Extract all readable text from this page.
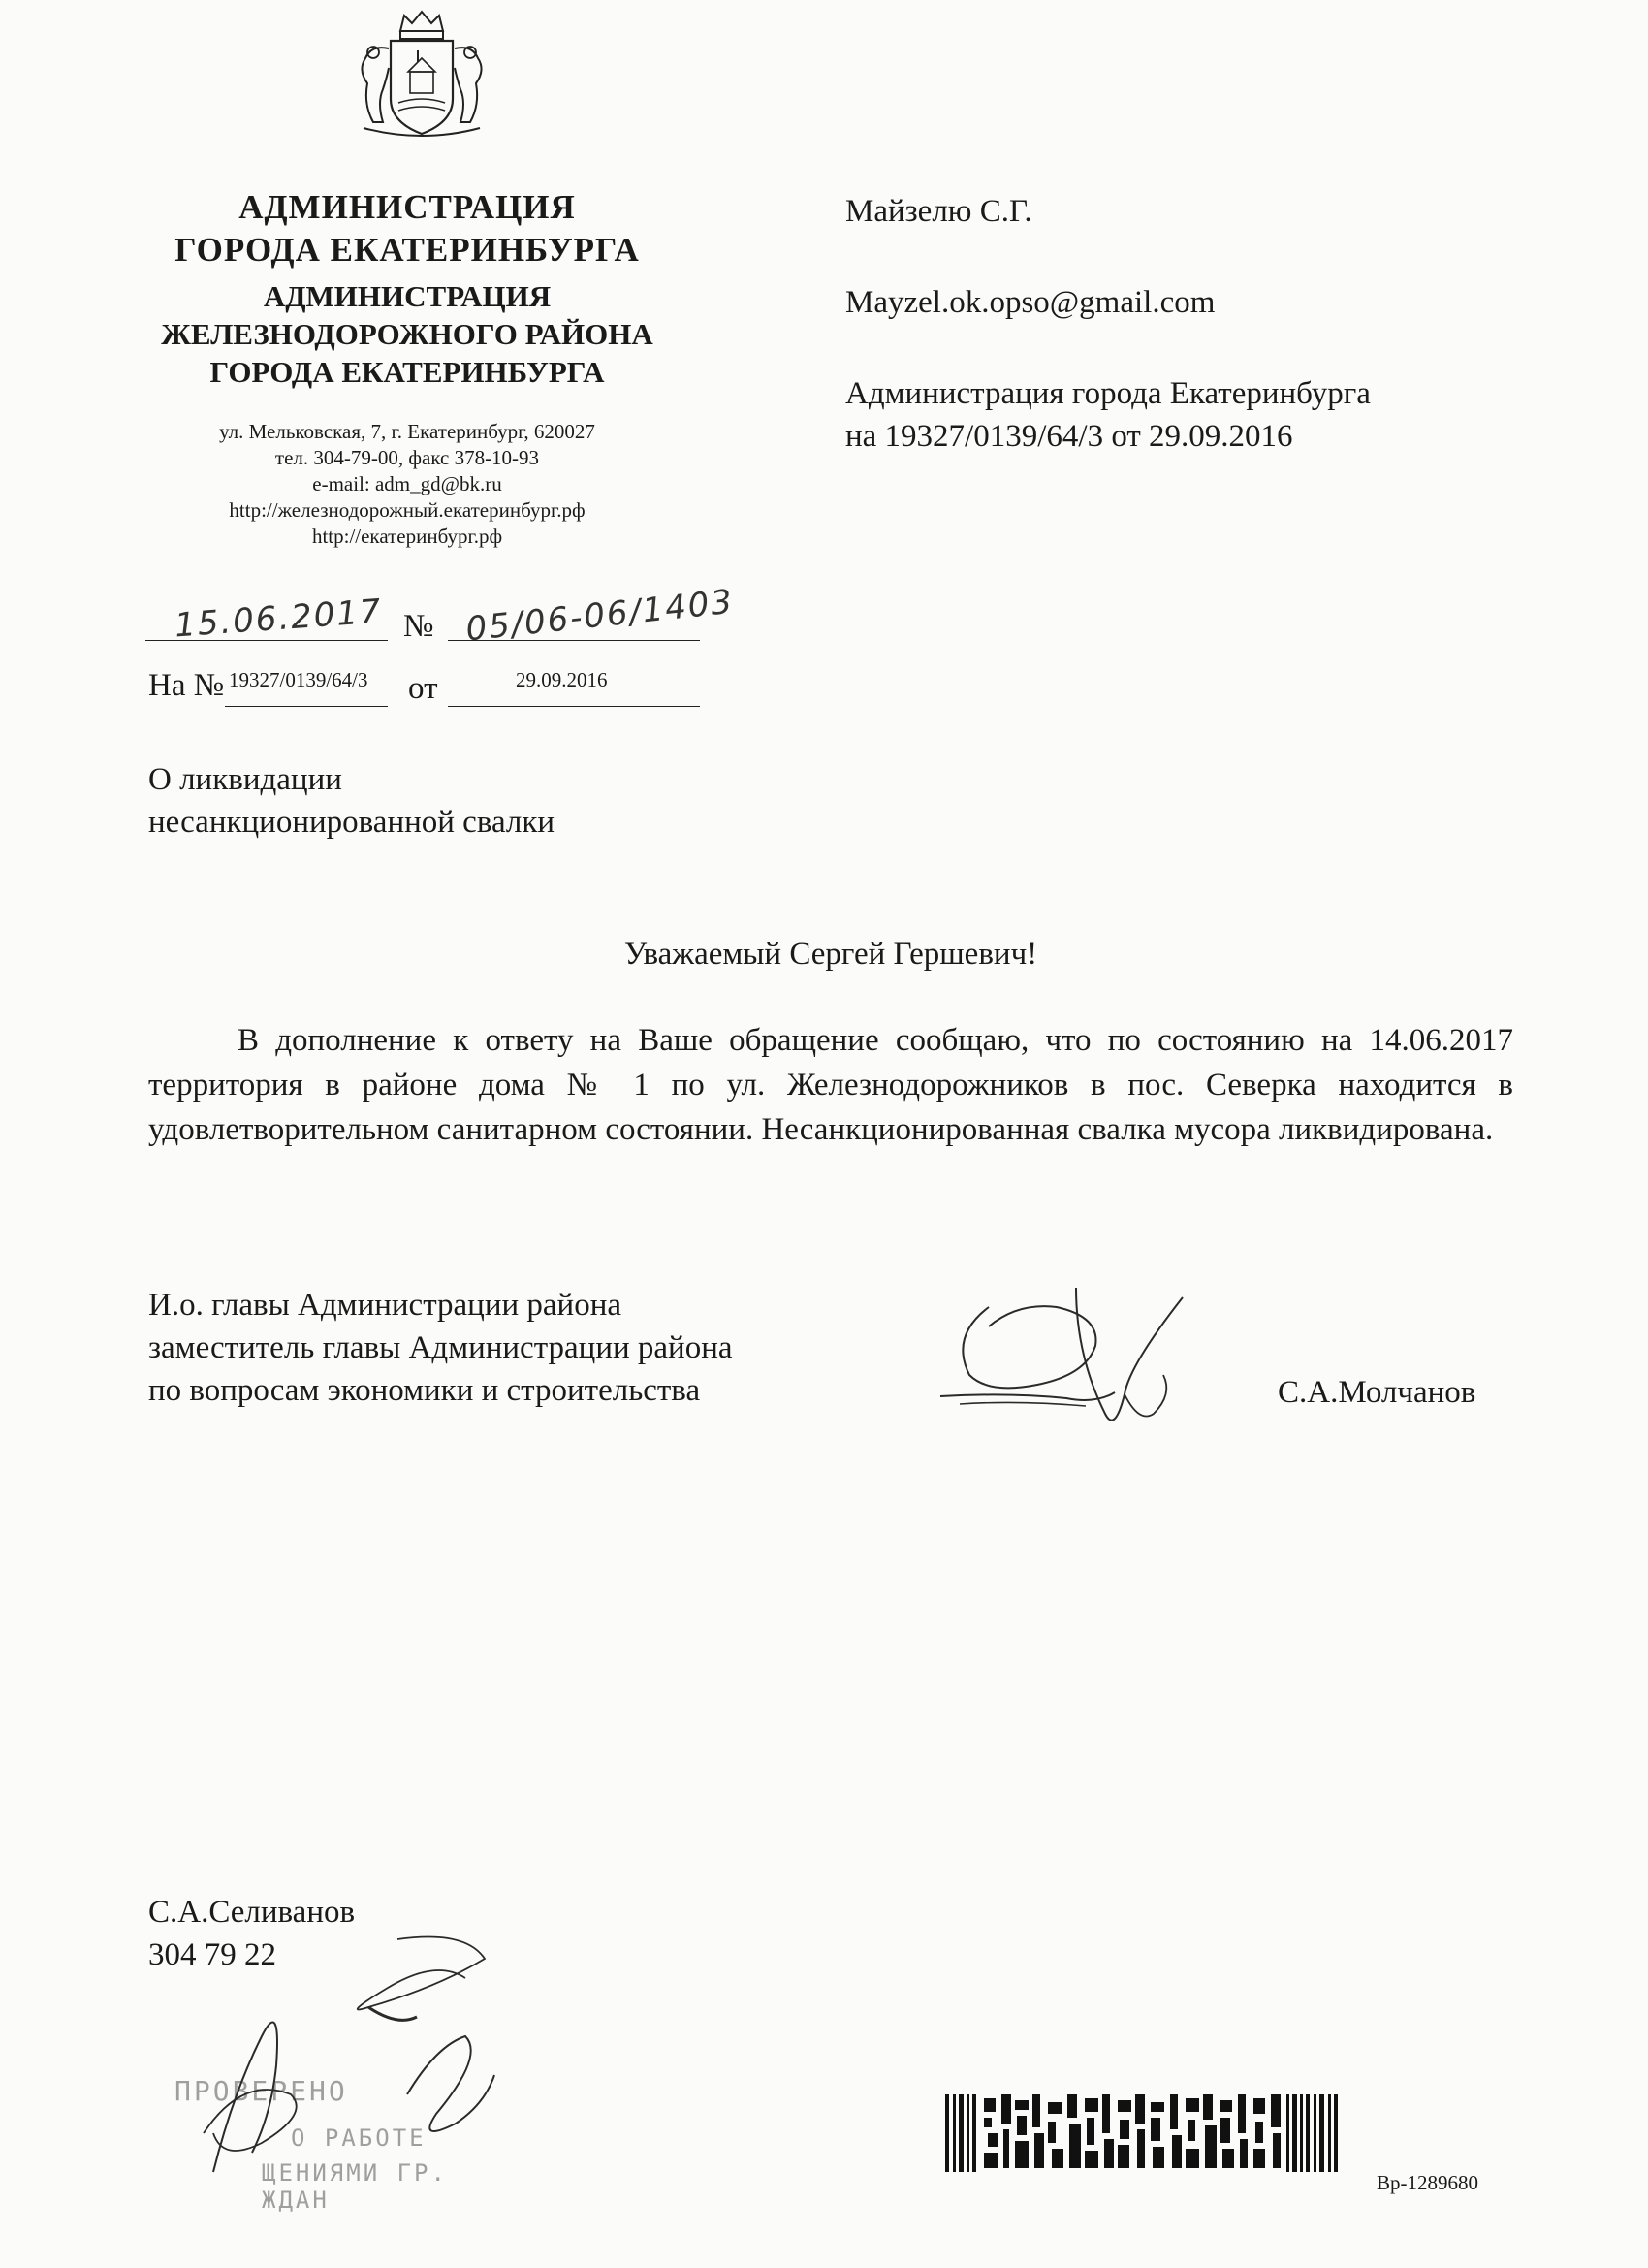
АДМИНИСТРАЦИЯ
ГОРОДА ЕКАТЕРИНБУРГА
АДМИНИСТРАЦИЯ
ЖЕЛЕЗНОДОРОЖНОГО РАЙОНА
ГОРОДА ЕКАТЕРИНБУРГА
ул. Мельковская, 7, г. Екатеринбург, 620027
тел. 304-79-00, факс 378-10-93
e-mail: adm_gd@bk.ru
http://железнодорожный.екатеринбург.рф
http://екатеринбург.рф
15.06.2017 № 05/06-06/1403
На № 19327/0139/64/3 от	29.09.2016
Майзелю С.Г.
Mayzel.ok.opso@gmail.com
Администрация города Екатеринбурга
на 19327/0139/64/3 от 29.09.2016
О ликвидации
несанкционированной свалки
Уважаемый Сергей Гершевич!
В дополнение к ответу на Ваше обращение сообщаю, что по состоянию на 14.06.2017 территория в районе дома № 1 по ул. Железнодорожников в пос. Северка находится в удовлетворительном санитарном состоянии. Несанкционированная свалка мусора ликвидирована.
И.о. главы Администрации района
заместитель главы Администрации района
по вопросам экономики и строительства	С.А.Молчанов
С.А.Селиванов
304 79 22
ПРОВЕРЕНО
О РАБОТЕ
ЩЕНИЯМИ ГР. ЖДАН
Вр-1289680
